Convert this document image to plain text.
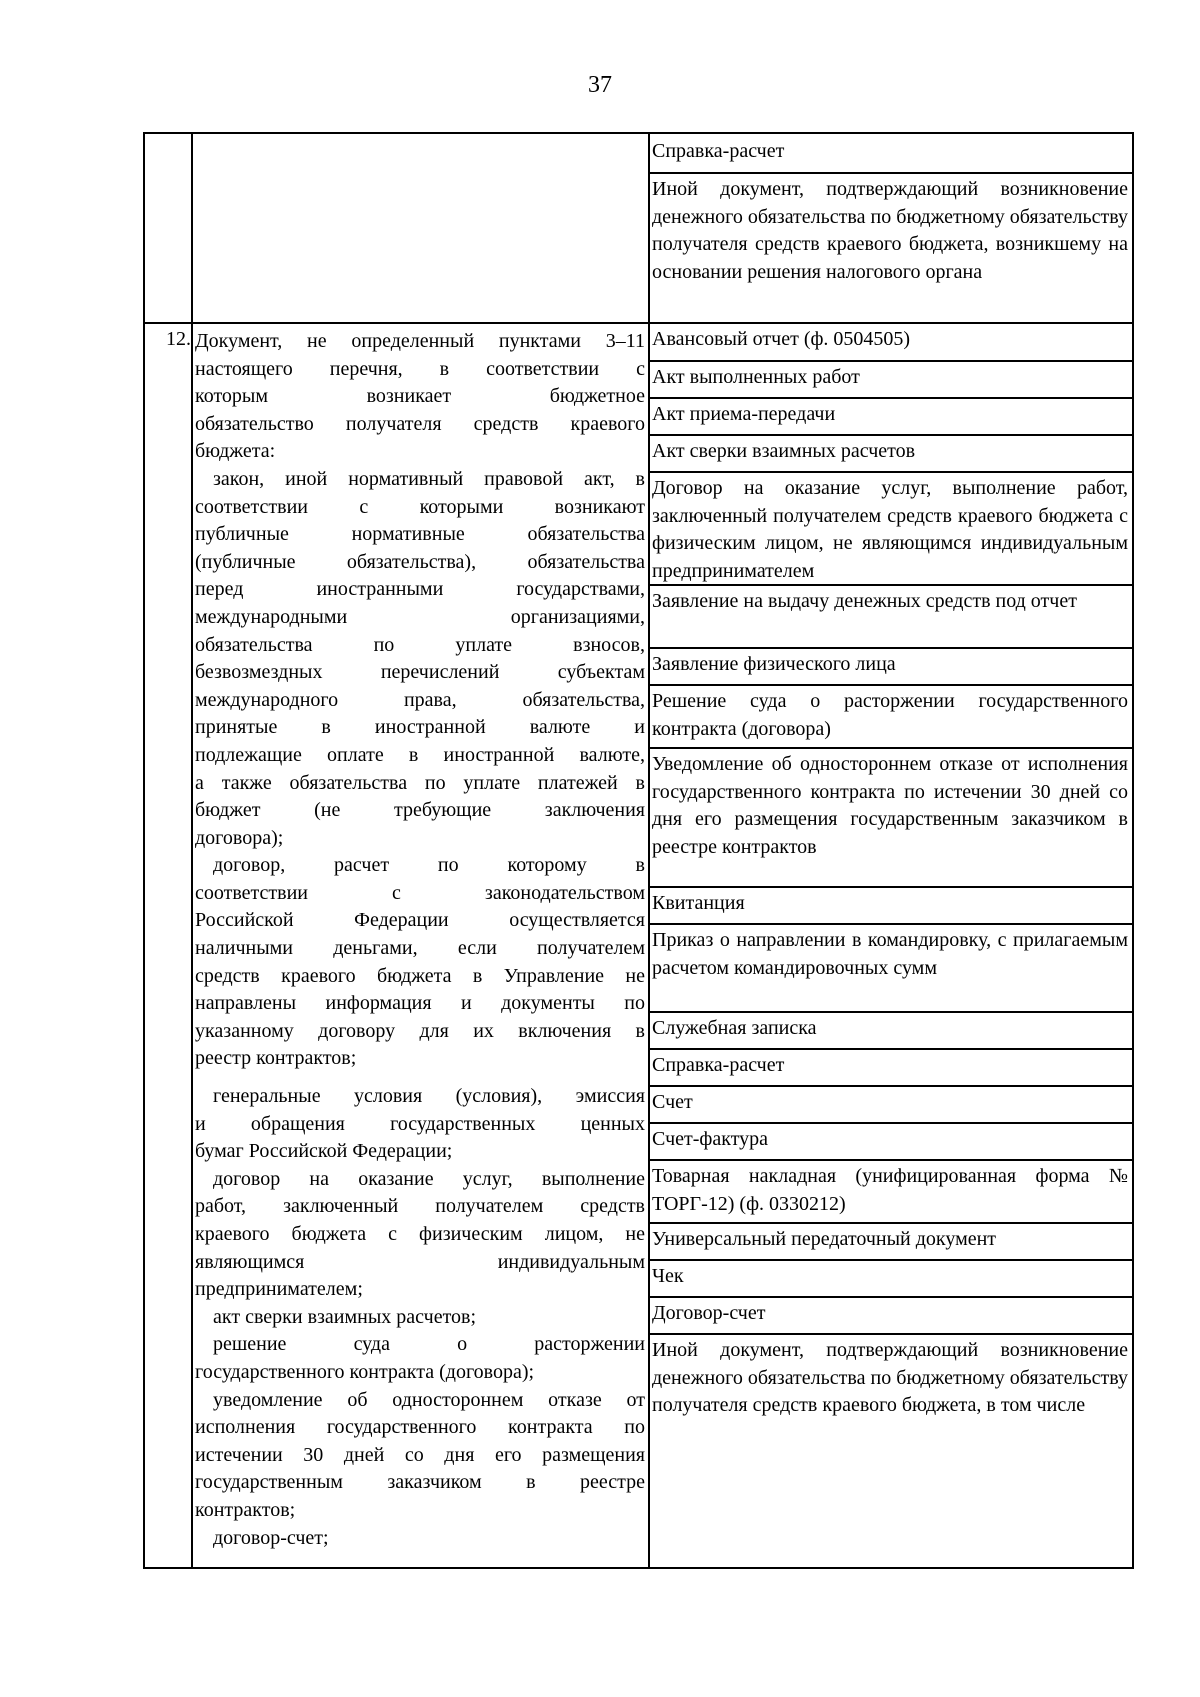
37
Справка-расчет
Иной документ, подтверждающий возникновение денежного обязательства по бюджетному обязательству получателя средств краевого бюджета, возникшему на основании решения налогового органа
12. Документ, не определенный пунктами 3–11
настоящего перечня, в соответствии с
которым возникает бюджетное
обязательство получателя средств краевого
бюджета:
закон, иной нормативный правовой акт, в
соответствии с которыми возникают
публичные нормативные обязательства
(публичные обязательства), обязательства
перед иностранными государствами,
международными организациями,
обязательства по уплате взносов,
безвозмездных перечислений субъектам
международного права, обязательства,
принятые в иностранной валюте и
подлежащие оплате в иностранной валюте,
а также обязательства по уплате платежей в
бюджет (не требующие заключения
договора);
договор, расчет по которому в
соответствии с законодательством
Российской Федерации осуществляется
наличными деньгами, если получателем
средств краевого бюджета в Управление не
направлены информация и документы по
указанному договору для их включения в
реестр контрактов;
генеральные условия (условия), эмиссия
и обращения государственных ценных
бумаг Российской Федерации;
договор на оказание услуг, выполнение
работ, заключенный получателем средств
краевого бюджета с физическим лицом, не
являющимся индивидуальным
предпринимателем;
акт сверки взаимных расчетов;
решение суда о расторжении
государственного контракта (договора);
уведомление об одностороннем отказе от
исполнения государственного контракта по
истечении 30 дней со дня его размещения
государственным заказчиком в реестре
контрактов;
договор-счет;
Авансовый отчет (ф. 0504505)
Акт выполненных работ
Акт приема-передачи
Акт сверки взаимных расчетов
Договор на оказание услуг, выполнение работ, заключенный получателем средств краевого бюджета с физическим лицом, не являющимся индивидуальным предпринимателем
Заявление на выдачу денежных средств под отчет
Заявление физического лица
Решение суда о расторжении государственного контракта (договора)
Уведомление об одностороннем отказе от исполнения государственного контракта по истечении 30 дней со дня его размещения государственным заказчиком в реестре контрактов
Квитанция
Приказ о направлении в командировку, с прилагаемым расчетом командировочных сумм
Служебная записка
Справка-расчет
Счет
Счет-фактура
Товарная накладная (унифицированная форма № ТОРГ-12) (ф. 0330212)
Универсальный передаточный документ
Чек
Договор-счет
Иной документ, подтверждающий возникновение денежного обязательства по бюджетному обязательству получателя средств краевого бюджета, в том числе
